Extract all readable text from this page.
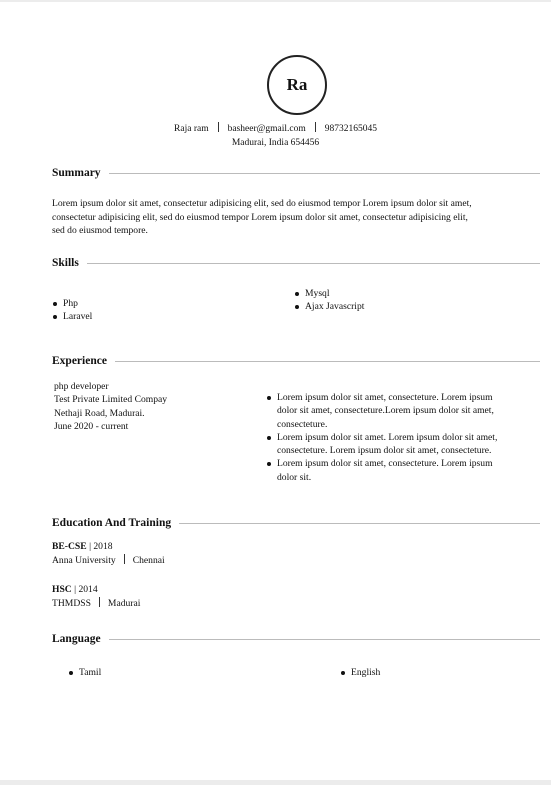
Ra
Raja ram basheer@gmail.com 98732165045
Madurai, India 654456
Summary
Lorem ipsum dolor sit amet, consectetur adipisicing elit, sed do eiusmod tempor Lorem ipsum dolor sit amet,
consectetur adipisicing elit, sed do eiusmod tempor Lorem ipsum dolor sit amet, consectetur adipisicing elit,
sed do eiusmod tempore.
Skills
Php
Laravel
Mysql
Ajax Javascript
Experience
php developer
Test Private Limited Compay
Nethaji Road, Madurai.
June 2020 - current
Lorem ipsum dolor sit amet, consecteture. Lorem ipsum
dolor sit amet, consecteture.Lorem ipsum dolor sit amet,
consecteture.
Lorem ipsum dolor sit amet. Lorem ipsum dolor sit amet,
consecteture. Lorem ipsum dolor sit amet, consecteture.
Lorem ipsum dolor sit amet, consecteture. Lorem ipsum
dolor sit.
Education And Training
BE-CSE | 2018
Anna University Chennai
HSC | 2014
THMDSS Madurai
Language
Tamil	English
